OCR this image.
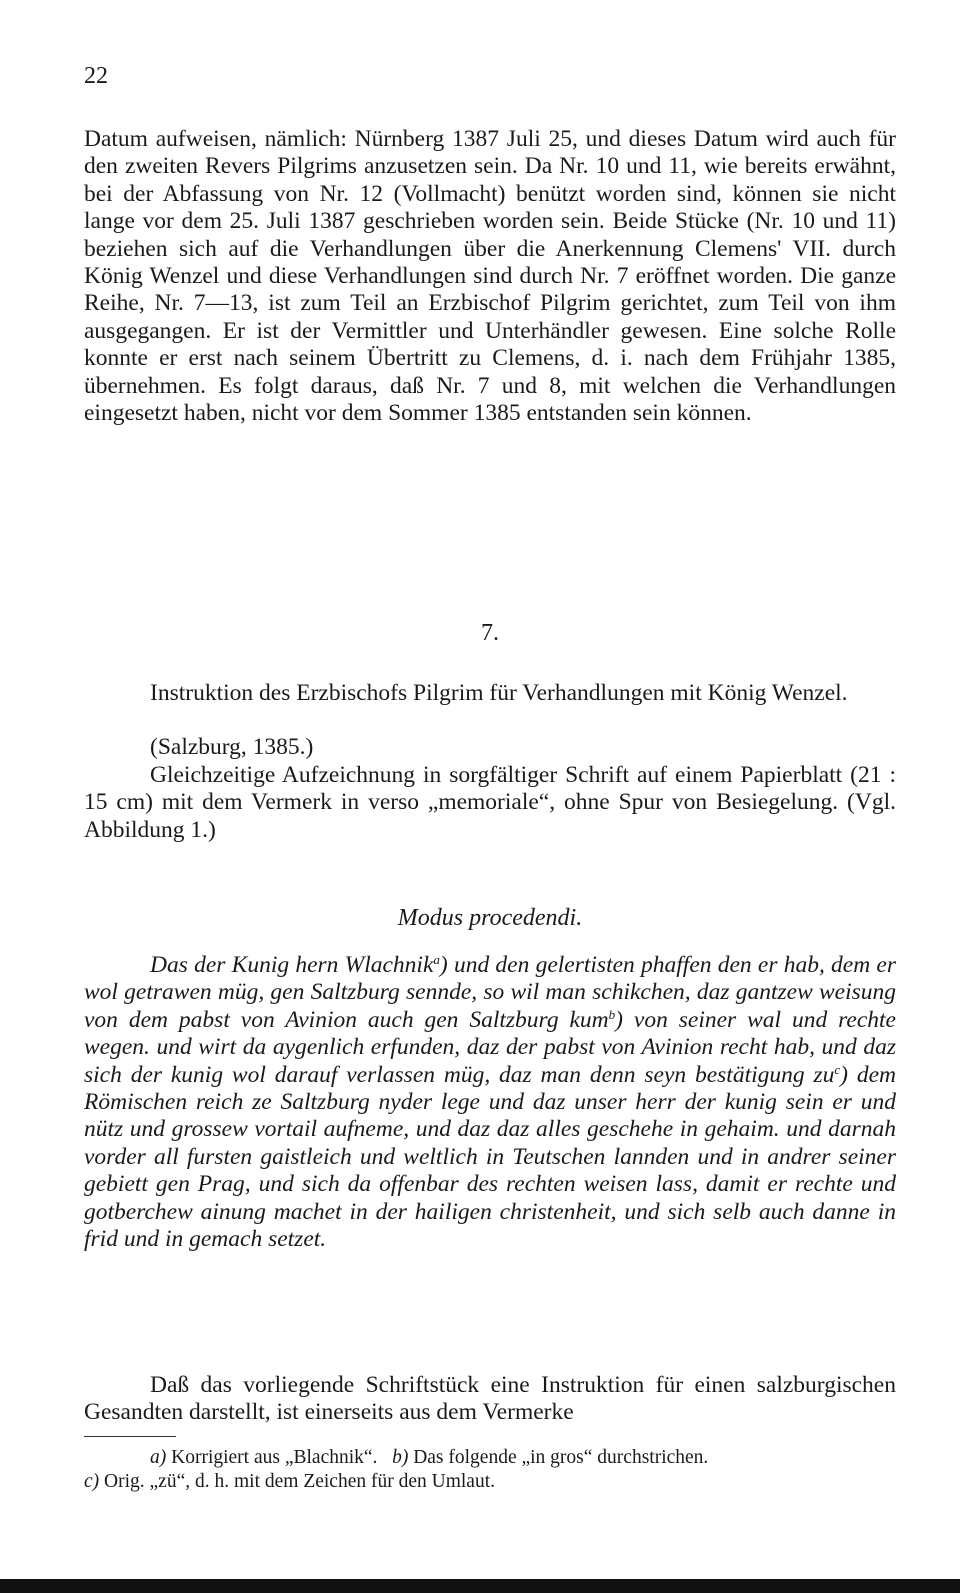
22

Datum aufweisen, nämlich: Nürnberg 1387 Juli 25, und dieses Datum wird auch für den zweiten Revers Pilgrims anzusetzen sein. Da Nr. 10 und 11, wie bereits erwähnt, bei der Abfassung von Nr. 12 (Vollmacht) benützt worden sind, können sie nicht lange vor dem 25. Juli 1387 geschrieben worden sein. Beide Stücke (Nr. 10 und 11) beziehen sich auf die Verhandlungen über die Anerkennung Clemens' VII. durch König Wenzel und diese Verhandlungen sind durch Nr. 7 eröffnet worden. Die ganze Reihe, Nr. 7—13, ist zum Teil an Erzbischof Pilgrim gerichtet, zum Teil von ihm ausgegangen. Er ist der Vermittler und Unterhändler gewesen. Eine solche Rolle konnte er erst nach seinem Übertritt zu Clemens, d. i. nach dem Frühjahr 1385, übernehmen. Es folgt daraus, daß Nr. 7 und 8, mit welchen die Verhandlungen eingesetzt haben, nicht vor dem Sommer 1385 entstanden sein können.

7.

Instruktion des Erzbischofs Pilgrim für Verhandlungen mit König Wenzel.

(Salzburg, 1385.)

Gleichzeitige Aufzeichnung in sorgfältiger Schrift auf einem Papierblatt (21 : 15 cm) mit dem Vermerk in verso „memoriale“, ohne Spur von Besiegelung. (Vgl. Abbildung 1.)

Modus procedendi.

Das der Kunig hern Wlachnik$^a$) und den gelertisten phaffen den er hab, dem er wol getrawen müg, gen Saltzburg sennde, so wil man schikchen, daz gantzew weisung von dem pabst von Avinion auch gen Saltzburg kum$^b$) von seiner wal und rechte wegen. und wirt da aygenlich erfunden, daz der pabst von Avinion recht hab, und daz sich der kunig wol darauf verlassen müg, daz man denn seyn bestätigung $zu^c$) dem Römischen reich ze Saltzburg nyder lege und daz unser herr der kunig sein er und nütz und grossew vortail aufneme, und daz daz alles geschehe in gehaim. und darnah vorder all fursten gaistleich und weltlich in Teutschen lannden und in andrer seiner gebiett gen Prag, und sich da offenbar des rechten weisen lass, damit er rechte und gotberchew ainung machet in der hailigen christenheit, und sich selb auch danne in frid und in gemach setzet.

Daß das vorliegende Schriftstück eine Instruktion für einen salzburgischen Gesandten darstellt, ist einerseits aus dem Vermerke

a) Korrigiert aus „Blachnik“. b) Das folgende „in gros“ durchstrichen.
c) Orig. „zü“, d. h. mit dem Zeichen für den Umlaut.
